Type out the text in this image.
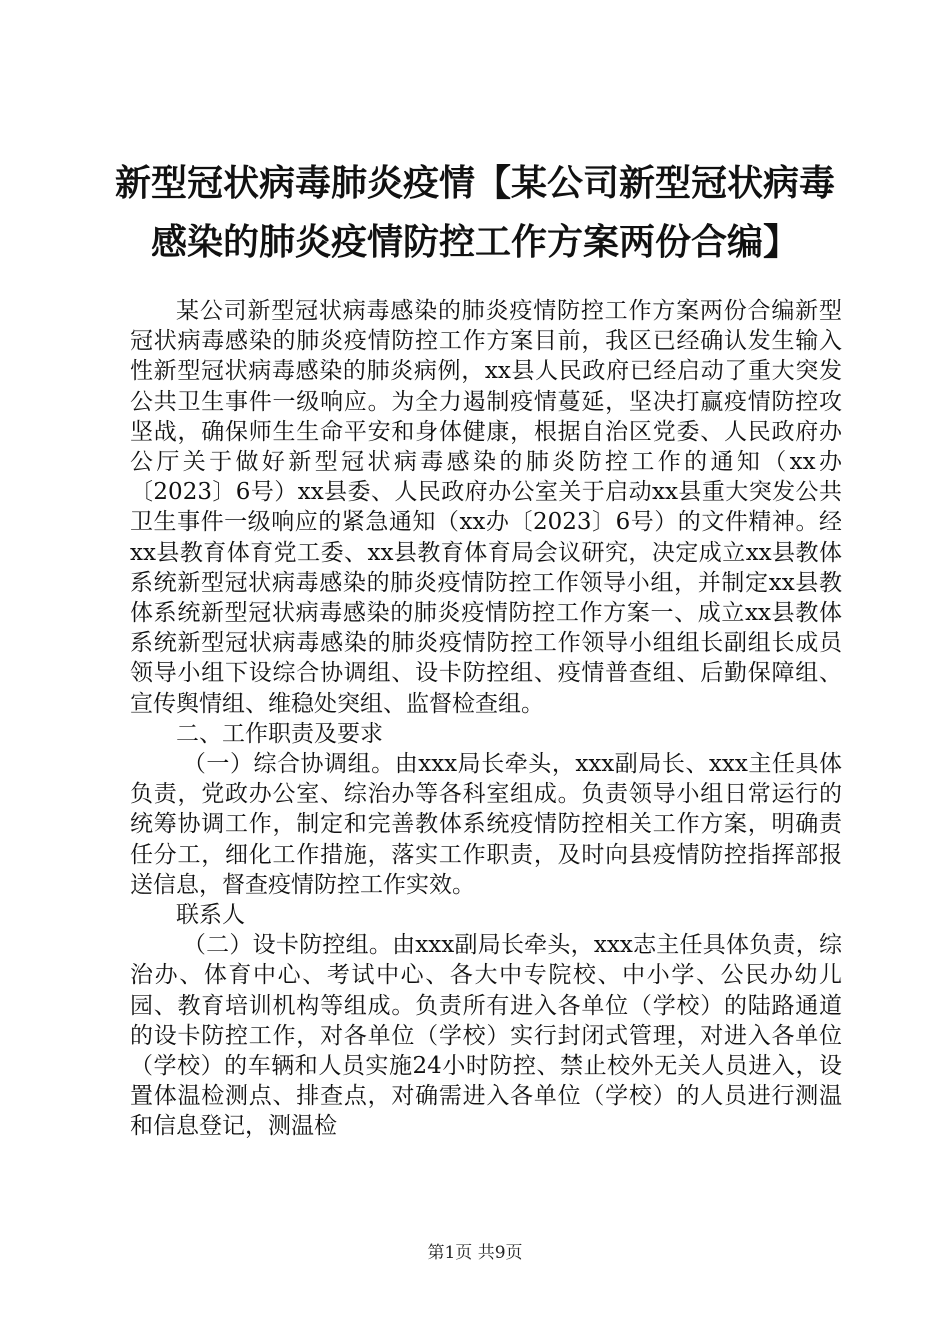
新型冠状病毒肺炎疫情【某公司新型冠状病毒
感染的肺炎疫情防控工作方案两份合编】

某公司新型冠状病毒感染的肺炎疫情防控工作方案两份合编新型冠状病毒感染的肺炎疫情防控工作方案目前，我区已经确认发生输入性新型冠状病毒感染的肺炎病例，xx县人民政府已经启动了重大突发公共卫生事件一级响应。为全力遏制疫情蔓延，坚决打赢疫情防控攻坚战，确保师生生命平安和身体健康，根据自治区党委、人民政府办公厅关于做好新型冠状病毒感染的肺炎防控工作的通知（xx办〔2023〕6号）xx县委、人民政府办公室关于启动xx县重大突发公共卫生事件一级响应的紧急通知（xx办〔2023〕6号）的文件精神。经xx县教育体育党工委、xx县教育体育局会议研究，决定成立xx县教体系统新型冠状病毒感染的肺炎疫情防控工作领导小组，并制定xx县教体系统新型冠状病毒感染的肺炎疫情防控工作方案一、成立xx县教体系统新型冠状病毒感染的肺炎疫情防控工作领导小组组长副组长成员领导小组下设综合协调组、设卡防控组、疫情普查组、后勤保障组、宣传舆情组、维稳处突组、监督检查组。

二、工作职责及要求

（一）综合协调组。由xxx局长牵头，xxx副局长、xxx主任具体负责，党政办公室、综治办等各科室组成。负责领导小组日常运行的统筹协调工作，制定和完善教体系统疫情防控相关工作方案，明确责任分工，细化工作措施，落实工作职责，及时向县疫情防控指挥部报送信息，督查疫情防控工作实效。

联系人

（二）设卡防控组。由xxx副局长牵头，xxx志主任具体负责，综治办、体育中心、考试中心、各大中专院校、中小学、公民办幼儿园、教育培训机构等组成。负责所有进入各单位（学校）的陆路通道的设卡防控工作，对各单位（学校）实行封闭式管理，对进入各单位（学校）的车辆和人员实施24小时防控、禁止校外无关人员进入，设置体温检测点、排查点，对确需进入各单位（学校）的人员进行测温和信息登记，测温检

第1页 共9页
